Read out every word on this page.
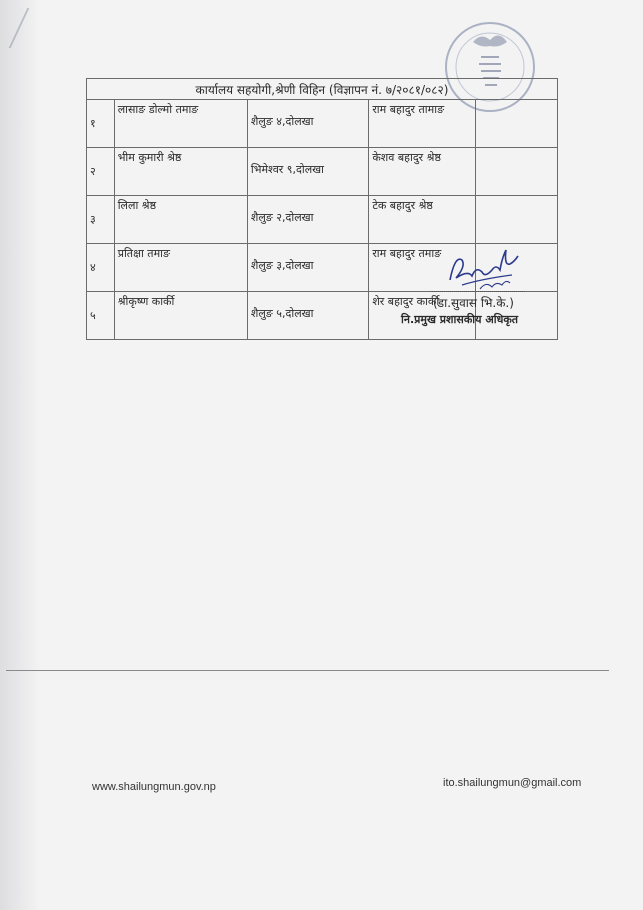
कार्यालय सहयोगी,श्रेणी विहिन (विज्ञापन नं. ७/२०८१/०८२)				
१	लासाङ डोल्मो तमाङ	शैलुङ ४,दोलखा	राम बहादुर तामाङ	

२	भीम कुमारी श्रेष्ठ	भिमेश्वर ९,दोलखा	केशव बहादुर श्रेष्ठ	

३	लिला श्रेष्ठ	शैलुङ २,दोलखा	टेक बहादुर श्रेष्ठ	

४	प्रतिक्षा तमाङ	शैलुङ ३,दोलखा	राम बहादुर तमाङ	

५	श्रीकृष्ण कार्की	शैलुङ ५,दोलखा	शेर बहादुर कार्की	

(डा.सुवास भि.के.)
नि.प्रमुख प्रशासकीय अधिकृत
www.shailungmun.gov.np	ito.shailungmun@gmail.com
